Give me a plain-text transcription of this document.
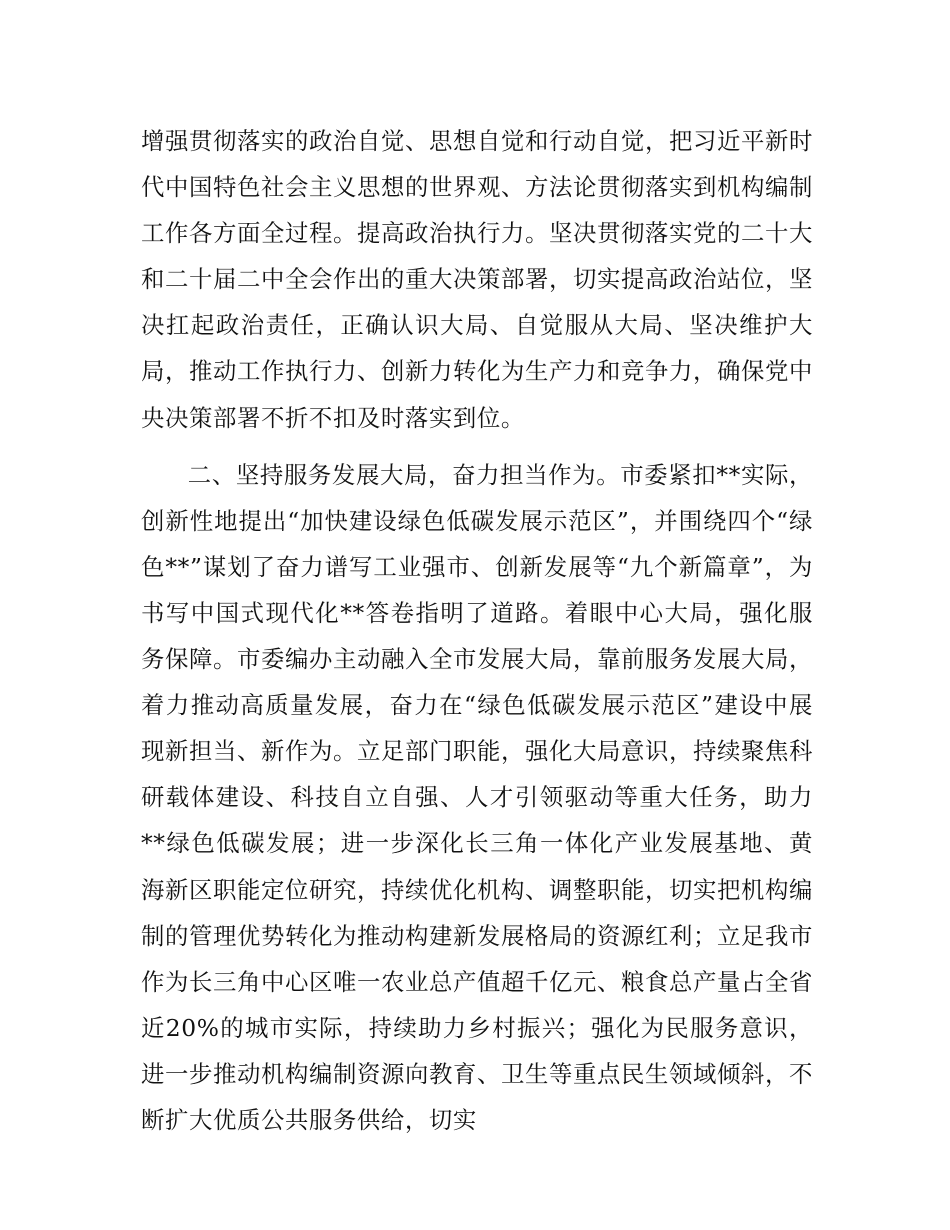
增强贯彻落实的政治自觉、思想自觉和行动自觉，把习近平新时代中国特色社会主义思想的世界观、方法论贯彻落实到机构编制工作各方面全过程。提高政治执行力。坚决贯彻落实党的二十大和二十届二中全会作出的重大决策部署，切实提高政治站位，坚决扛起政治责任，正确认识大局、自觉服从大局、坚决维护大局，推动工作执行力、创新力转化为生产力和竞争力，确保党中央决策部署不折不扣及时落实到位。

二、坚持服务发展大局，奋力担当作为。市委紧扣**实际，创新性地提出“加快建设绿色低碳发展示范区”，并围绕四个“绿色**”谋划了奋力谱写工业强市、创新发展等“九个新篇章”，为书写中国式现代化**答卷指明了道路。着眼中心大局，强化服务保障。市委编办主动融入全市发展大局，靠前服务发展大局，着力推动高质量发展，奋力在“绿色低碳发展示范区”建设中展现新担当、新作为。立足部门职能，强化大局意识，持续聚焦科研载体建设、科技自立自强、人才引领驱动等重大任务，助力**绿色低碳发展；进一步深化长三角一体化产业发展基地、黄海新区职能定位研究，持续优化机构、调整职能，切实把机构编制的管理优势转化为推动构建新发展格局的资源红利；立足我市作为长三角中心区唯一农业总产值超千亿元、粮食总产量占全省近20%的城市实际，持续助力乡村振兴；强化为民服务意识，进一步推动机构编制资源向教育、卫生等重点民生领域倾斜，不断扩大优质公共服务供给，切实
